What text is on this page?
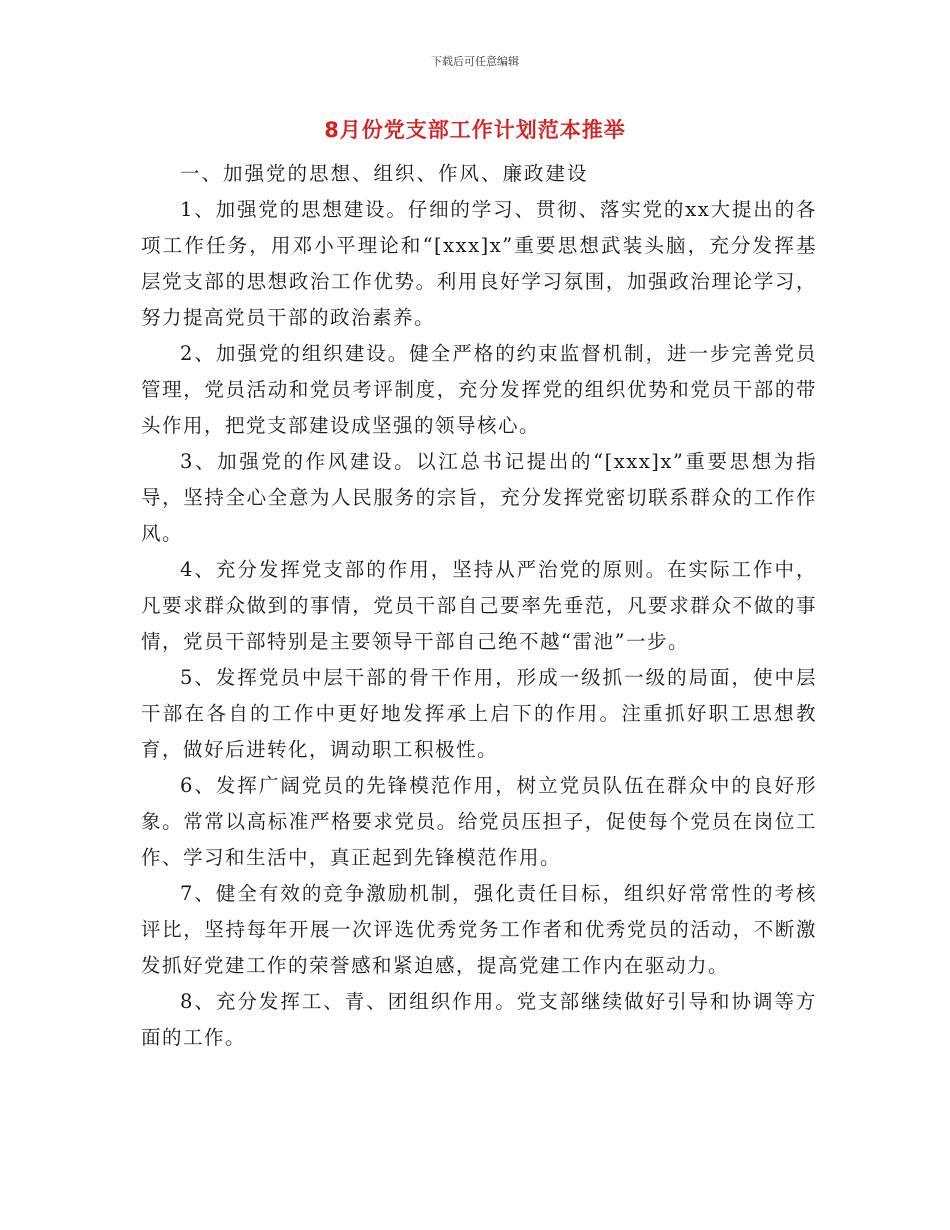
下载后可任意编辑
8月份党支部工作计划范本推举

一、加强党的思想、组织、作风、廉政建设

1、加强党的思想建设。仔细的学习、贯彻、落实党的xx大提出的各项工作任务，用邓小平理论和“[xxx]x”重要思想武装头脑，充分发挥基层党支部的思想政治工作优势。利用良好学习氛围，加强政治理论学习，努力提高党员干部的政治素养。

2、加强党的组织建设。健全严格的约束监督机制，进一步完善党员管理，党员活动和党员考评制度，充分发挥党的组织优势和党员干部的带头作用，把党支部建设成坚强的领导核心。

3、加强党的作风建设。以江总书记提出的“[xxx]x”重要思想为指导，坚持全心全意为人民服务的宗旨，充分发挥党密切联系群众的工作作风。

4、充分发挥党支部的作用，坚持从严治党的原则。在实际工作中，凡要求群众做到的事情，党员干部自己要率先垂范，凡要求群众不做的事情，党员干部特别是主要领导干部自己绝不越“雷池”一步。

5、发挥党员中层干部的骨干作用，形成一级抓一级的局面，使中层干部在各自的工作中更好地发挥承上启下的作用。注重抓好职工思想教育，做好后进转化，调动职工积极性。

6、发挥广阔党员的先锋模范作用，树立党员队伍在群众中的良好形象。常常以高标准严格要求党员。给党员压担子，促使每个党员在岗位工作、学习和生活中，真正起到先锋模范作用。

7、健全有效的竞争激励机制，强化责任目标，组织好常常性的考核评比，坚持每年开展一次评选优秀党务工作者和优秀党员的活动，不断激发抓好党建工作的荣誉感和紧迫感，提高党建工作内在驱动力。

8、充分发挥工、青、团组织作用。党支部继续做好引导和协调等方面的工作。
